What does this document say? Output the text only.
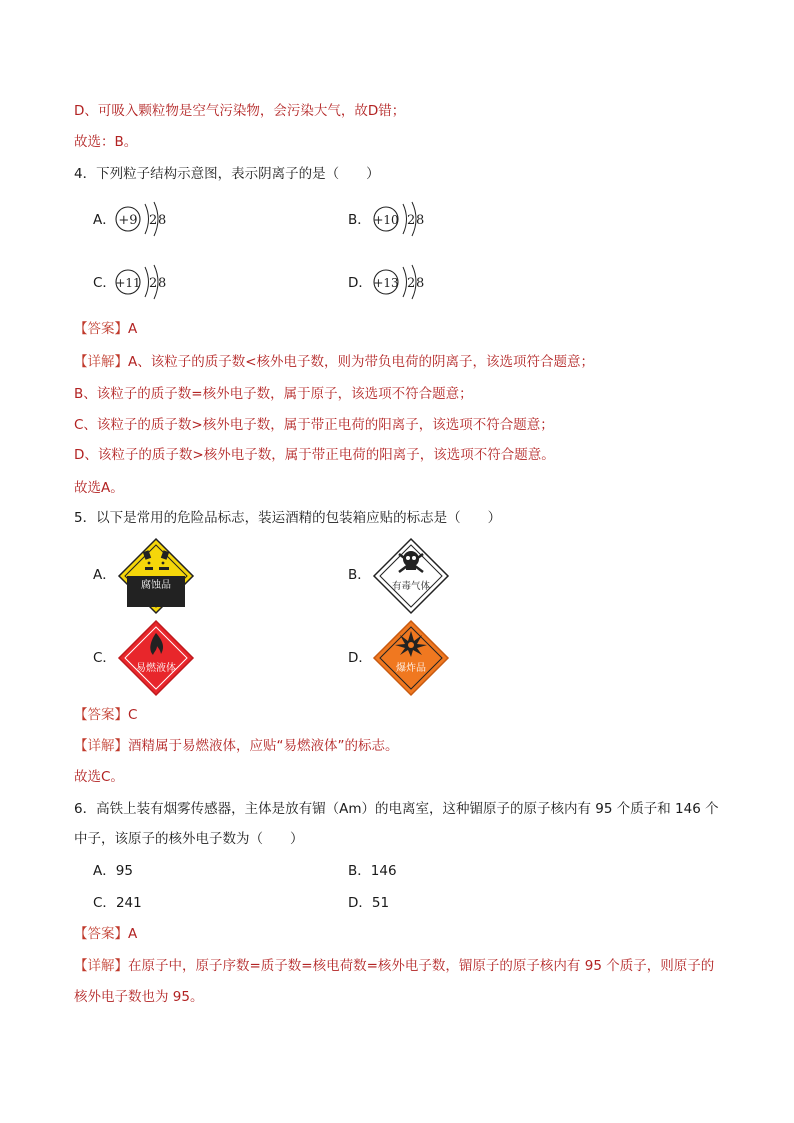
D、可吸入颗粒物是空气污染物，会污染大气，故D错；
故选：B。
4．下列粒子结构示意图，表示阴离子的是（　　）
A． +9 2 8	B． +10 2 8
C． +11 2 8	D． +13 2 8
【答案】A
【详解】A、该粒子的质子数<核外电子数，则为带负电荷的阴离子，该选项符合题意；
B、该粒子的质子数=核外电子数，属于原子，该选项不符合题意；
C、该粒子的质子数>核外电子数，属于带正电荷的阳离子，该选项不符合题意；
D、该粒子的质子数>核外电子数，属于带正电荷的阳离子，该选项不符合题意。
故选A。
5．以下是常用的危险品标志，装运酒精的包装箱应贴的标志是（　　）
A．
腐蚀品
B．
有毒气体
C．
易燃液体
D．
爆炸品
【答案】C
【详解】酒精属于易燃液体，应贴“易燃液体”的标志。
故选C。
6．高铁上装有烟雾传感器，主体是放有镅（Am）的电离室，这种镅原子的原子核内有 95 个质子和 146 个
中子，该原子的核外电子数为（　　）
A．95	B．146
C．241	D．51
【答案】A
【详解】在原子中，原子序数=质子数=核电荷数=核外电子数，镅原子的原子核内有 95 个质子，则原子的
核外电子数也为 95。
